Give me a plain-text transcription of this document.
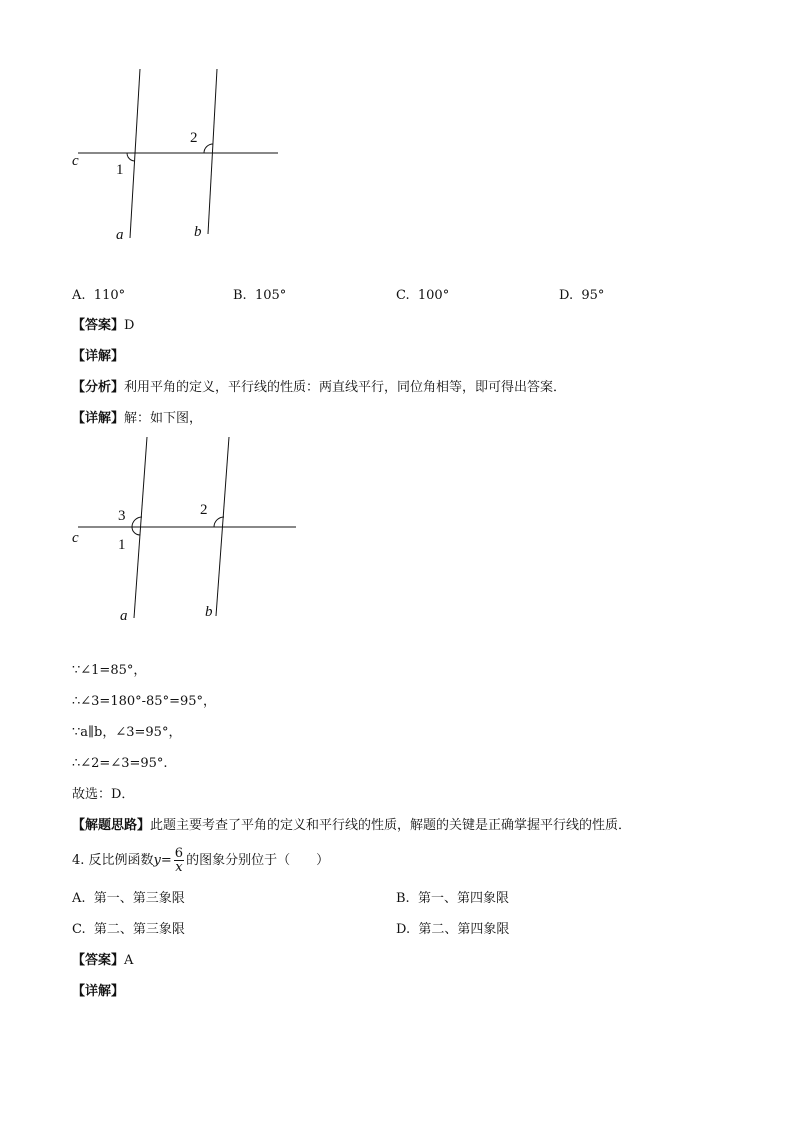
c
1
2
a	b
A. 110°	B. 105°	C. 100°	D. 95°
【答案】D
【详解】
【分析】利用平角的定义，平行线的性质：两直线平行，同位角相等，即可得出答案．
【详解】解：如下图，
c
3
1
2
a	b
∵∠1=85°，
∴∠3=180°-85°=95°，
∵a∥b，∠3=95°，
∴∠2=∠3=95°.
故选：D．
【解题思路】此题主要考查了平角的定义和平行线的性质，解题的关键是正确掌握平行线的性质．
4. 反比例函数$y= \frac{6}{x}$ 的图象分别位于（　　）
A. 第一、第三象限	B. 第一、第四象限
C. 第二、第三象限	D. 第二、第四象限
【答案】A
【详解】
